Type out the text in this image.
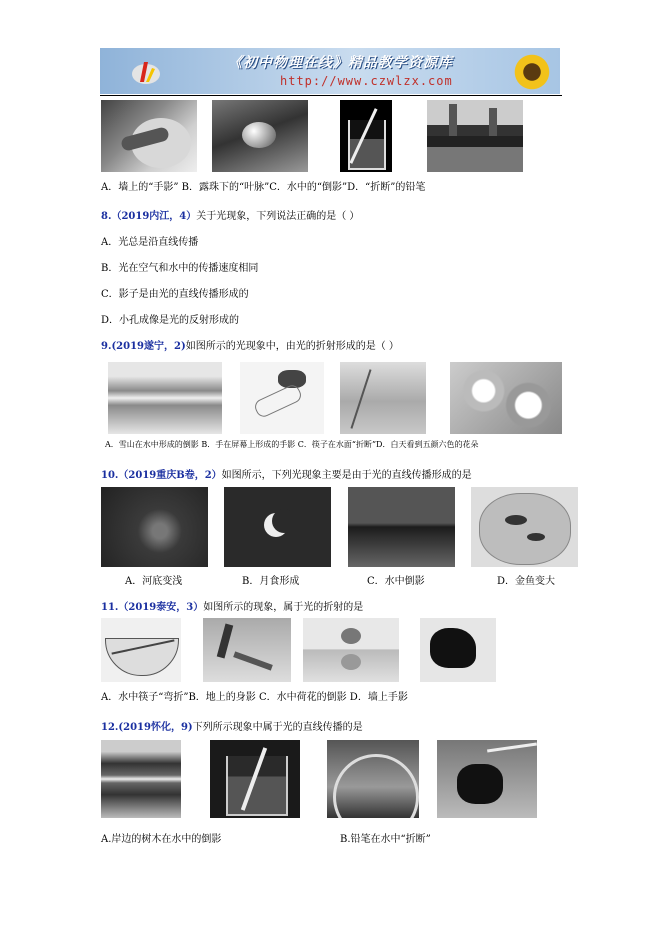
《初中物理在线》精品教学资源库
http://www.czwlzx.com
A．墙上的“手影” B．露珠下的“叶脉”C．水中的“倒影”D．“折断”的铅笔
8.（2019内江，4）关于光现象，下列说法正确的是（ ）
A．光总是沿直线传播
B．光在空气和水中的传播速度相同
C．影子是由光的直线传播形成的
D．小孔成像是光的反射形成的
9.(2019遂宁，2)如图所示的光现象中，由光的折射形成的是（ ）
A．雪山在水中形成的倒影 B．手在屏幕上形成的手影 C．筷子在水面“折断”D．白天看到五颜六色的花朵
10.（2019重庆B卷，2）如图所示，下列光现象主要是由于光的直线传播形成的是
A．河底变浅	B．月食形成	C．水中倒影	D．金鱼变大
11.（2019泰安，3）如图所示的现象，属于光的折射的是
A．水中筷子“弯折”B．地上的身影 C．水中荷花的倒影 D．墙上手影
12.(2019怀化，9)下列所示现象中属于光的直线传播的是
A.岸边的树木在水中的倒影	B.铅笔在水中“折断”
